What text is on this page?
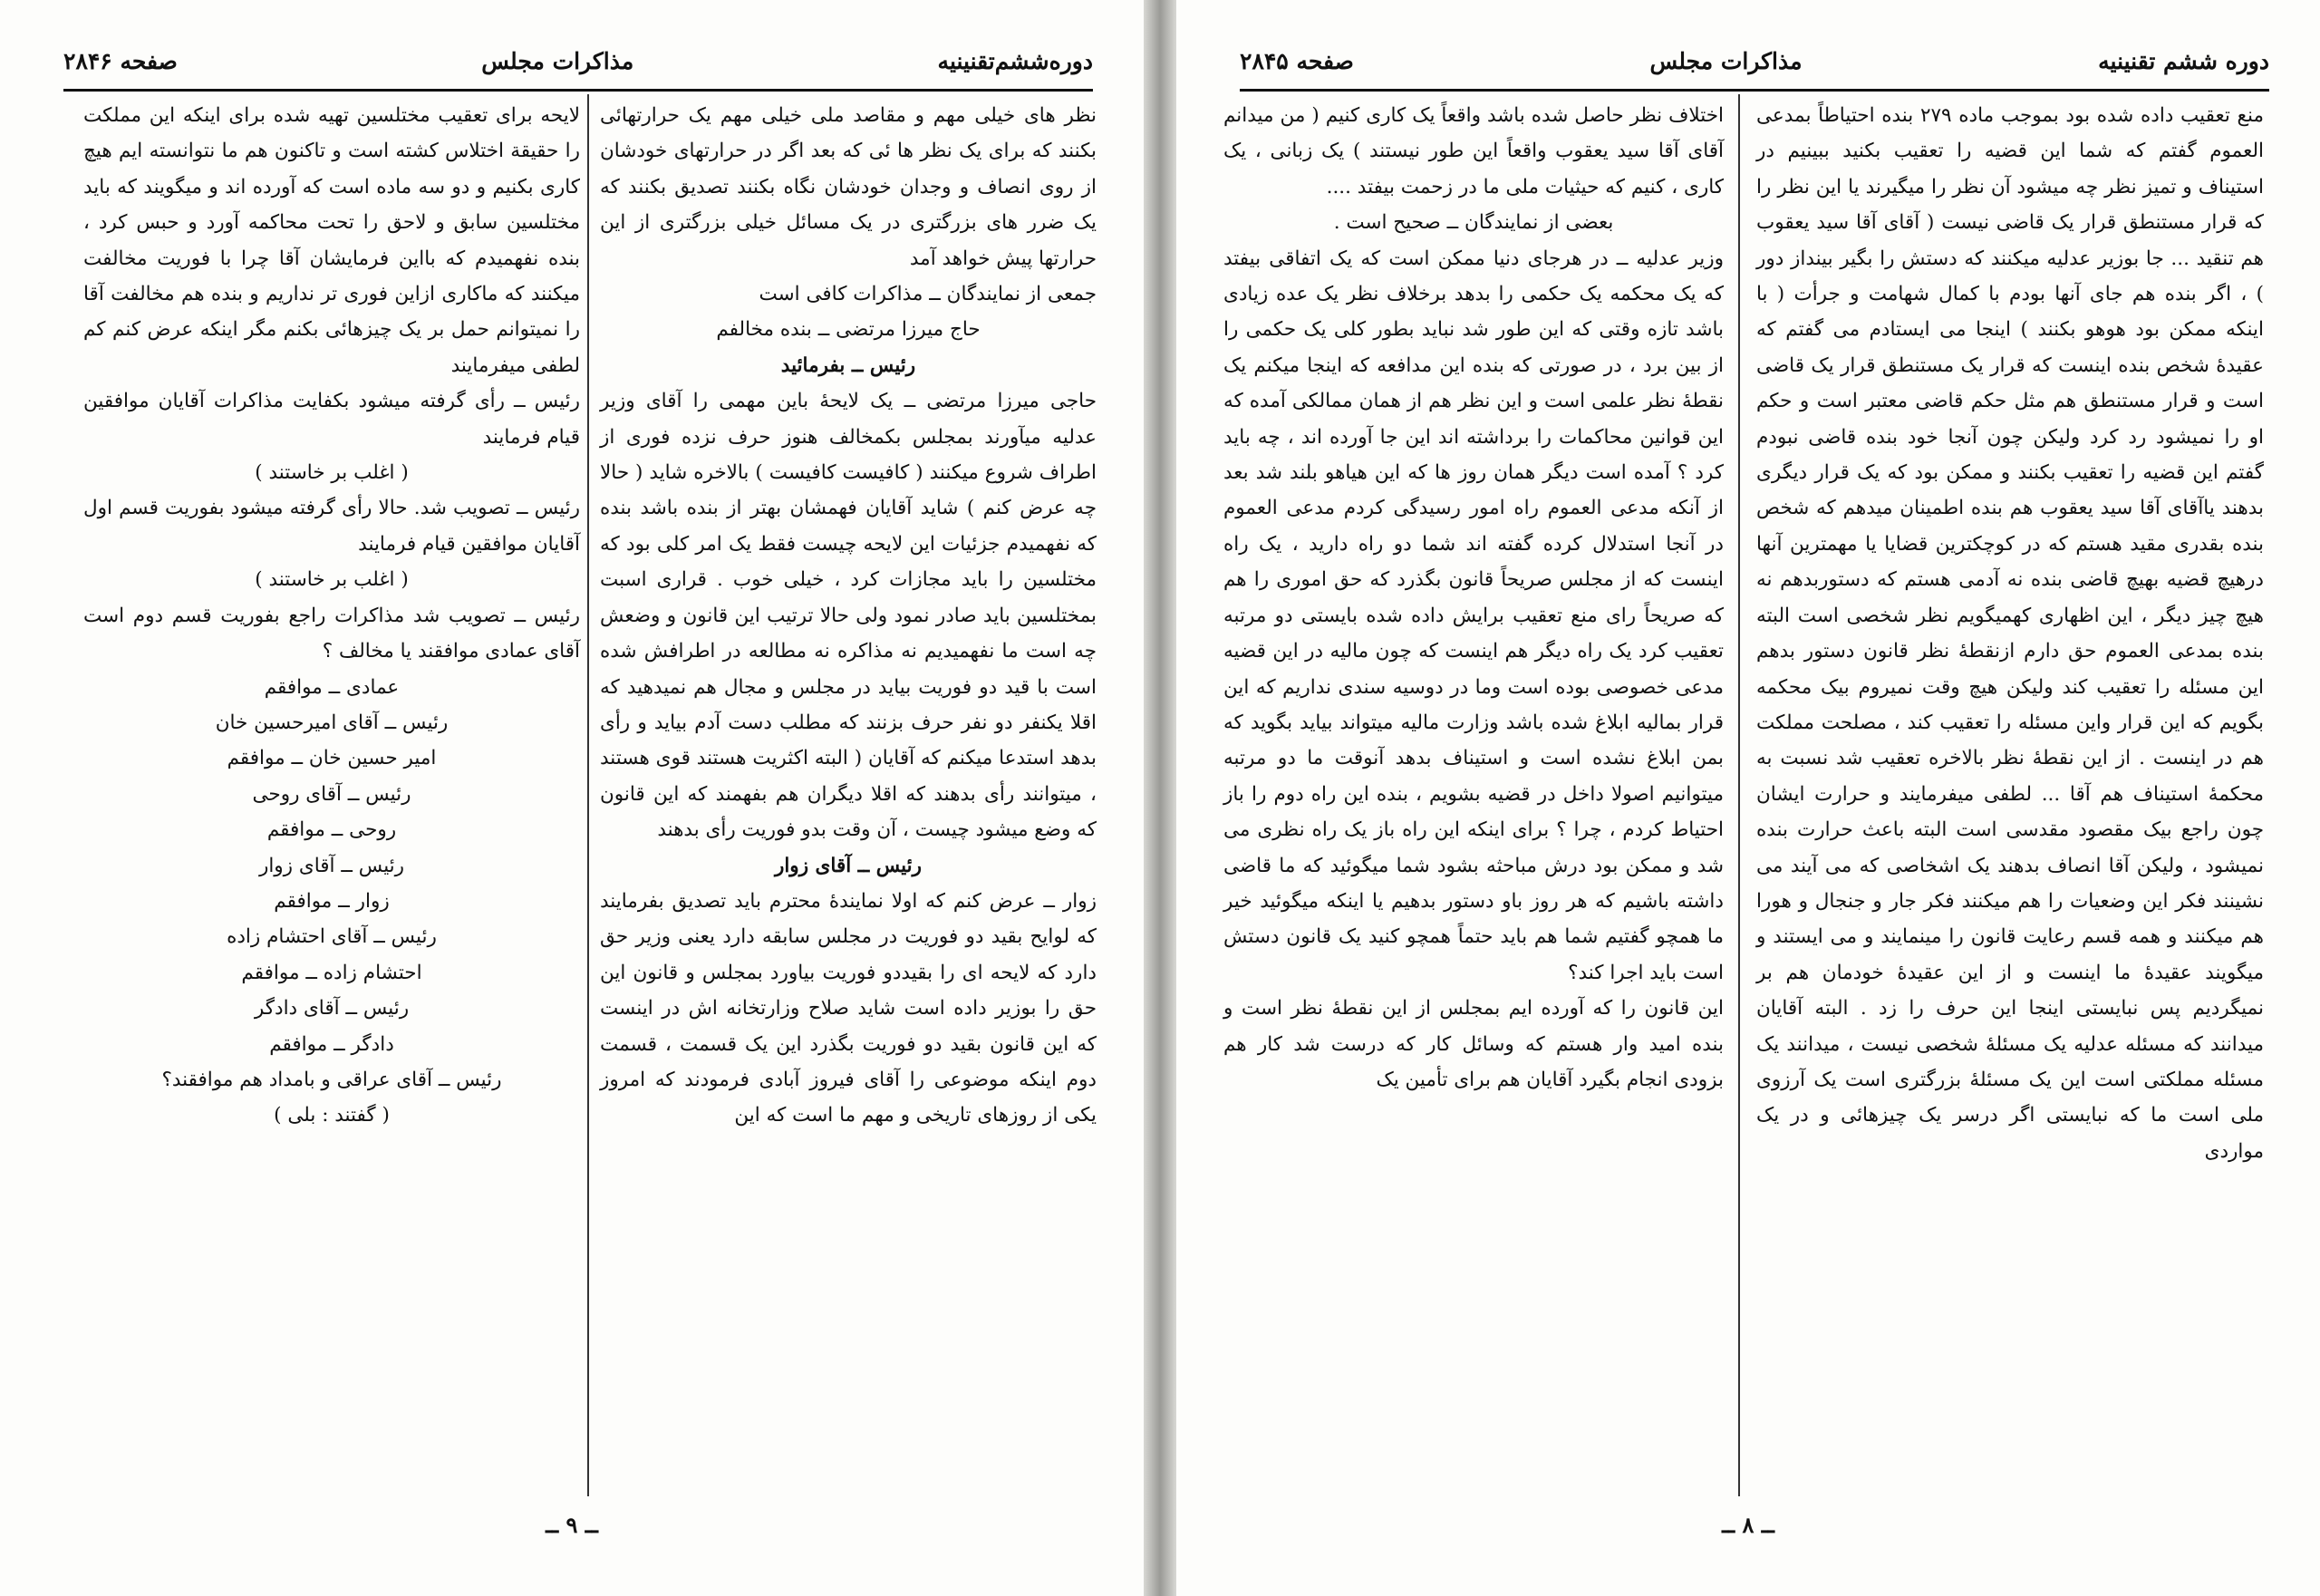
دوره‌ششم‌تقنینیه
مذاکرات مجلس
صفحه ۲۸۴۶

نظر های خیلی مهم و مقاصد ملی خیلی مهم یک حرارتهائی بکنند که برای یک نظر ها ئی که بعد اگر در حرارتهای خودشان از روی انصاف و وجدان خودشان نگاه بکنند تصدیق بکنند که یک ضرر های بزرگتری در یک مسائل خیلی بزرگتری از این حرارتها پیش خواهد آمد

جمعی از نمایندگان ــ مذاکرات کافی است

حاج میرزا مرتضی ــ بنده مخالفم

رئیس ــ بفرمائید

حاجی میرزا مرتضی ــ یک لایحهٔ باین مهمی را آقای وزیر عدلیه میآورند بمجلس بکمخالف هنوز حرف نزده فوری از اطراف شروع میکنند ( کافیست کافیست ) بالاخره شاید ( حالا چه عرض کنم ) شاید آقایان فهمشان بهتر از بنده باشد بنده که نفهمیدم جزئیات این لایحه چیست فقط یک امر کلی بود که مختلسین را باید مجازات کرد ، خیلی خوب . قراری اسبت بمختلسین باید صادر نمود ولی حالا ترتیب این قانون و وضعش چه است ما نفهمیدیم نه مذاکره نه مطالعه در اطرافش شده است با قید دو فوریت بیاید در مجلس و مجال هم نمیدهید که اقلا یکنفر دو نفر حرف بزنند که مطلب دست آدم بیاید و رأی بدهد استدعا میکنم که آقایان ( البته اکثریت هستند قوی هستند ، میتوانند رأی بدهند که اقلا دیگران هم بفهمند که این قانون که وضع میشود چیست ، آن وقت بدو فوریت رأی بدهند

رئیس ــ آقای زوار

زوار ــ عرض کنم که اولا نمایندهٔ محترم باید تصدیق بفرمایند که لوایح بقید دو فوریت در مجلس سابقه دارد یعنی وزیر حق دارد که لایحه ای را بقیددو فوریت بیاورد بمجلس و قانون این حق را بوزیر داده است شاید صلاح وزارتخانه اش در اینست که این قانون بقید دو فوریت بگذرد این یک قسمت ، قسمت دوم اینکه موضوعی را آقای فیروز آبادی فرمودند که امروز یکی از روزهای تاریخی و مهم ما است که این

لایحه برای تعقیب مختلسین تهیه شده برای اینکه این مملکت را حقیقة اختلاس کشته است و تاکنون هم ما نتوانسته ایم هیچ کاری بکنیم و دو سه ماده است که آورده اند و میگویند که باید مختلسین سابق و لاحق را تحت محاکمه آورد و حبس کرد ، بنده نفهمیدم که بااین فرمایشان آقا چرا با فوریت مخالفت میکنند که ماکاری ازاین فوری تر نداریم و بنده هم مخالفت آقا را نمیتوانم حمل بر یک چیزهائی بکنم مگر اینکه عرض کنم کم لطفی میفرمایند

رئیس ــ رأی گرفته میشود بکفایت مذاکرات آقایان موافقین قیام فرمایند

( اغلب بر خاستند )

رئیس ــ تصویب شد. حالا رأی گرفته میشود بفوریت قسم اول آقایان موافقین قیام فرمایند

( اغلب بر خاستند )

رئیس ــ تصویب شد مذاکرات راجع بفوریت قسم دوم است آقای عمادی موافقند یا مخالف ؟

عمادی ــ موافقم

رئیس ــ آقای امیرحسین خان

امیر حسین خان ــ موافقم

رئیس ــ آقای روحی

روحی ــ موافقم

رئیس ــ آقای زوار

زوار ــ موافقم

رئیس ــ آقای احتشام زاده

احتشام زاده ــ موافقم

رئیس ــ آقای دادگر

دادگر ــ موافقم

رئیس ــ آقای عراقی و بامداد هم موافقند؟

( گفتند : بلی )

ــ ۹ ــ
دوره ششم تقنینیه
مذاکرات مجلس
صفحه ۲۸۴۵

منع تعقیب داده شده بود بموجب ماده ۲۷۹ بنده احتیاطاً بمدعی العموم گفتم که شما این قضیه را تعقیب بکنید ببینیم در استیناف و تمیز نظر چه میشود آن نظر را میگیرند یا این نظر را که قرار مستنطق قرار یک قاضی نیست ( آقای آقا سید یعقوب هم تنقید ... جا بوزیر عدلیه میکنند که دستش را بگیر بینداز دور ) ، اگر بنده هم جای آنها بودم با کمال شهامت و جرأت ( با اینکه ممکن بود هوهو بکنند ) اینجا می ایستادم می گفتم که عقیدهٔ شخص بنده اینست که قرار یک مستنطق قرار یک قاضی است و قرار مستنطق هم مثل حکم قاضی معتبر است و حکم او را نمیشود رد کرد ولیکن چون آنجا خود بنده قاضی نبودم گفتم این قضیه را تعقیب بکنند و ممکن بود که یک قرار دیگری بدهند یاآقای آقا سید یعقوب هم بنده اطمینان میدهم که شخص بنده بقدری مقید هستم که در کوچکترین قضایا یا مهمترین آنها درهیچ قضیه بهیچ قاضی بنده نه آدمی هستم که دستوربدهم نه هیچ چیز دیگر ، این اظهاری کهمیگویم نظر شخصی است البته بنده بمدعی العموم حق دارم ازنقطهٔ نظر قانون دستور بدهم این مسئله را تعقیب کند ولیکن هیچ وقت نمیروم بیک محکمه بگویم که این قرار واین مسئله را تعقیب کند ، مصلحت مملکت هم در اینست . از این نقطهٔ نظر بالاخره تعقیب شد نسبت به محکمهٔ استیناف هم آقا ... لطفی میفرمایند و حرارت ایشان چون راجع بیک مقصود مقدسی است البته باعث حرارت بنده نمیشود ، ولیکن آقا انصاف بدهند یک اشخاصی که می آیند می نشینند فکر این وضعیات را هم میکنند فکر جار و جنجال و هورا هم میکنند و همه قسم رعایت قانون را مینمایند و می ایستند و میگویند عقیدهٔ ما اینست و از این عقیدهٔ خودمان هم بر نمیگردیم پس نبایستی اینجا این حرف را زد . البته آقایان میدانند که مسئله عدلیه یک مسئلهٔ شخصی نیست ، میدانند یک مسئله مملکتی است این یک مسئلهٔ بزرگتری است یک آرزوی ملی است ما که نبایستی اگر درسر یک چیزهائی و در یک مواردی

اختلاف نظر حاصل شده باشد واقعاً یک کاری کنیم ( من میدانم آقای آقا سید یعقوب واقعاً این طور نیستند ) یک زبانی ، یک کاری ، کنیم که حیثیات ملی ما در زحمت بیفتد ....

بعضی از نمایندگان ــ صحیح است .

وزیر عدلیه ــ در هرجای دنیا ممکن است که یک اتفاقی بیفتد که یک محکمه یک حکمی را بدهد برخلاف نظر یک عده زیادی باشد تازه وقتی که این طور شد نباید بطور کلی یک حکمی را از بین برد ، در صورتی که بنده این مدافعه که اینجا میکنم یک نقطهٔ نظر علمی است و این نظر هم از همان ممالکی آمده که این قوانین محاکمات را برداشته اند این جا آورده اند ، چه باید کرد ؟ آمده است دیگر همان روز ها که این هیاهو بلند شد بعد از آنکه مدعی العموم راه امور رسیدگی کردم مدعی العموم در آنجا استدلال کرده گفته اند شما دو راه دارید ، یک راه اینست که از مجلس صریحاً قانون بگذرد که حق اموری را هم که صریحاً رای منع تعقیب برایش داده شده بایستی دو مرتبه تعقیب کرد یک راه دیگر هم اینست که چون مالیه در این قضیه مدعی خصوصی بوده است وما در دوسیه سندی نداریم که این قرار بمالیه ابلاغ شده باشد وزارت مالیه میتواند بیاید بگوید که بمن ابلاغ نشده است و استیناف بدهد آنوقت ما دو مرتبه میتوانیم اصولا داخل در قضیه بشویم ، بنده این راه دوم را باز احتیاط کردم ، چرا ؟ برای اینکه این راه باز یک راه نظری می شد و ممکن بود درش مباحثه بشود شما میگوئید که ما قاضی داشته باشیم که هر روز باو دستور بدهیم یا اینکه میگوئید خیر ما همچو گفتیم شما هم باید حتماً همچو کنید یک قانون دستش است باید اجرا کند؟

این قانون را که آورده ایم بمجلس از این نقطهٔ نظر است و بنده امید وار هستم که وسائل کار که درست شد کار هم بزودی انجام بگیرد آقایان هم برای تأمین یک

ــ ۸ ــ
